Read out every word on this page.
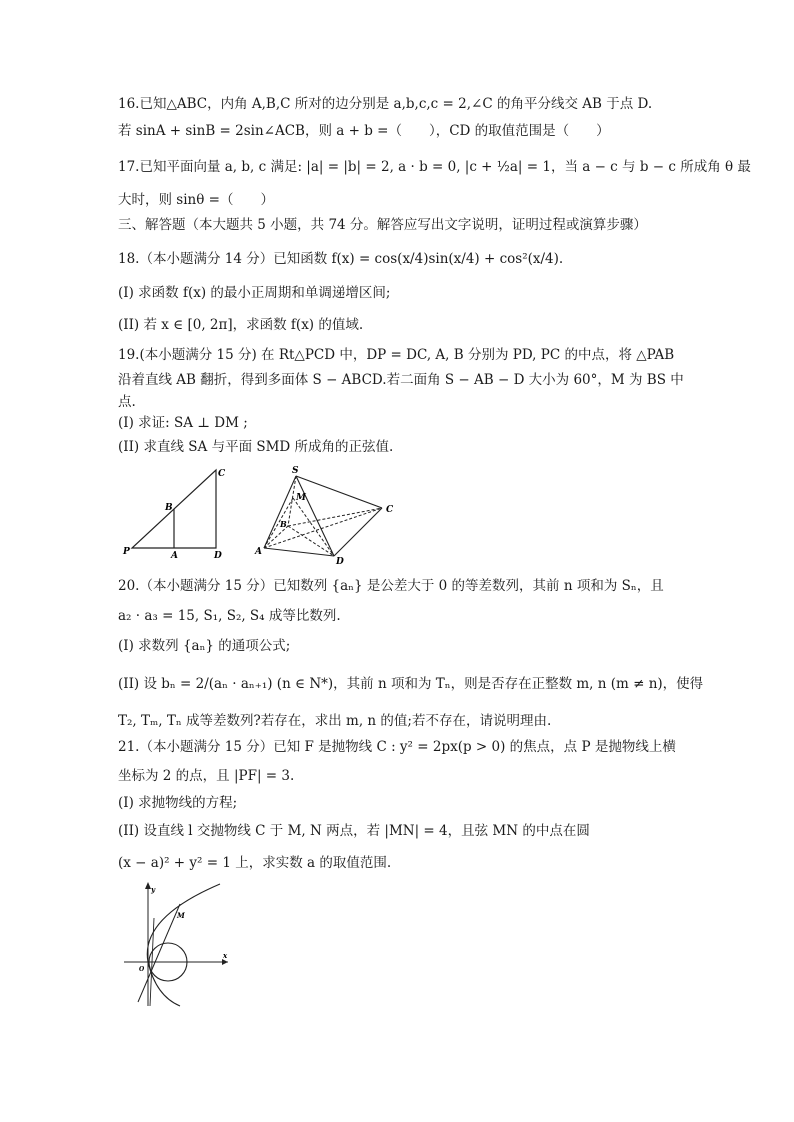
16.已知△ABC，内角 A,B,C 所对的边分别是 a,b,c,c = 2,∠C 的角平分线交 AB 于点 D.
若 sinA + sinB = 2sin∠ACB，则 a + b =（　　），CD 的取值范围是（　　）
17.已知平面向量 a, b, c 满足: |a| = |b| = 2, a · b = 0, |c + ½a| = 1，当 a − c 与 b − c 所成角 θ 最
大时，则 sinθ =（　　）
三、解答题（本大题共 5 小题，共 74 分。解答应写出文字说明，证明过程或演算步骤）
18.（本小题满分 14 分）已知函数 f(x) = cos(x/4)sin(x/4) + cos²(x/4).
(I) 求函数 f(x) 的最小正周期和单调递增区间;
(II) 若 x ∈ [0, 2π]，求函数 f(x) 的值域.
19.(本小题满分 15 分) 在 Rt△PCD 中，DP = DC, A, B 分别为 PD, PC 的中点，将 △PAB
沿着直线 AB 翻折，得到多面体 S − ABCD.若二面角 S − AB − D 大小为 60°，M 为 BS 中
点.
(I) 求证: SA ⊥ DM ;
(II) 求直线 SA 与平面 SMD 所成角的正弦值.
C
B
P	A	D
S
M
B
C
A
D
20.（本小题满分 15 分）已知数列 {aₙ} 是公差大于 0 的等差数列，其前 n 项和为 Sₙ，且
a₂ · a₃ = 15, S₁, S₂, S₄ 成等比数列.
(I) 求数列 {aₙ} 的通项公式;
(II) 设 bₙ = 2/(aₙ · aₙ₊₁) (n ∈ N*)，其前 n 项和为 Tₙ，则是否存在正整数 m, n (m ≠ n)，使得
T₂, Tₘ, Tₙ 成等差数列?若存在，求出 m, n 的值;若不存在，请说明理由.
21.（本小题满分 15 分）已知 F 是抛物线 C : y² = 2px(p > 0) 的焦点，点 P 是抛物线上横
坐标为 2 的点，且 |PF| = 3.
(I) 求抛物线的方程;
(II) 设直线 l 交抛物线 C 于 M, N 两点，若 |MN| = 4，且弦 MN 的中点在圆
(x − a)² + y² = 1 上，求实数 a 的取值范围.
y
M
O
x
